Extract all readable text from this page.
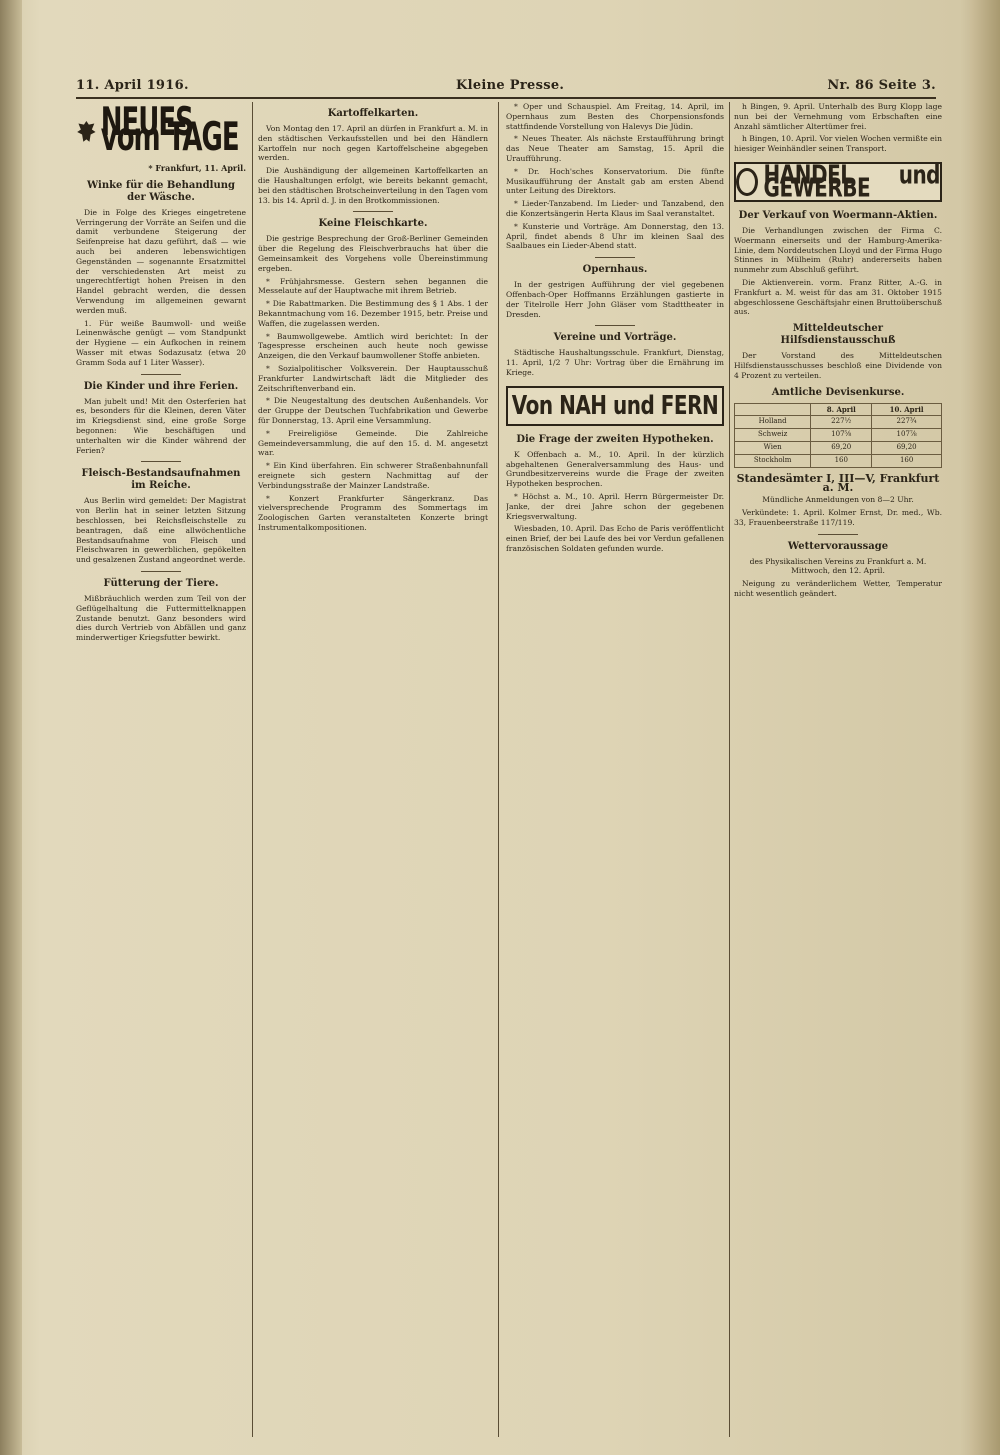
11. April 1916.	Kleine Presse.	Nr. 86 Seite 3.
NEUES vom TAGE
* Frankfurt, 11. April.
Winke für die Behandlung der Wäsche.

Die in Folge des Krieges eingetretene Verringerung der Vorräte an Seifen und die damit verbundene Steigerung der Seifenpreise hat dazu geführt, daß — wie auch bei anderen lebenswichtigen Gegenständen — sogenannte Ersatzmittel der verschiedensten Art meist zu ungerechtfertigt hohen Preisen in den Handel gebracht werden, die dessen Verwendung im allgemeinen gewarnt werden muß.

1. Für weiße Baumwoll- und weiße Leinenwäsche genügt — vom Standpunkt der Hygiene — ein Aufkochen in reinem Wasser mit etwas Sodazusatz (etwa 20 Gramm Soda auf 1 Liter Wasser).

Die Kinder und ihre Ferien.

Man jubelt und! Mit den Osterferien hat es, besonders für die Kleinen, deren Väter im Kriegsdienst sind, eine große Sorge begonnen: Wie beschäftigen und unterhalten wir die Kinder während der Ferien?

Fleisch-Bestandsaufnahmen im Reiche.

Aus Berlin wird gemeldet: Der Magistrat von Berlin hat in seiner letzten Sitzung beschlossen, bei Reichsfleischstelle zu beantragen, daß eine allwöchentliche Bestandsaufnahme von Fleisch und Fleischwaren in gewerblichen, gepökelten und gesalzenen Zustand angeordnet werde.

Fütterung der Tiere.

Mißbräuchlich werden zum Teil von der Geflügelhaltung die Futtermittelknappen Zustande benutzt. Ganz besonders wird dies durch Vertrieb von Abfällen und ganz minderwertiger Kriegsfutter bewirkt.

Kartoffelkarten.

Von Montag den 17. April an dürfen in Frankfurt a. M. in den städtischen Verkaufsstellen und bei den Händlern Kartoffeln nur noch gegen Kartoffelscheine abgegeben werden.

Die Aushändigung der allgemeinen Kartoffelkarten an die Haushaltungen erfolgt, wie bereits bekannt gemacht, bei den städtischen Brotscheinverteilung in den Tagen vom 13. bis 14. April d. J. in den Brotkommissionen.

Keine Fleischkarte.

Die gestrige Besprechung der Groß-Berliner Gemeinden über die Regelung des Fleischverbrauchs hat über die Gemeinsamkeit des Vorgehens volle Übereinstimmung ergeben.

* Frühjahrsmesse. Gestern sehen begannen die Messelaute auf der Hauptwache mit ihrem Betrieb.

* Die Rabattmarken. Die Bestimmung des § 1 Abs. 1 der Bekanntmachung vom 16. Dezember 1915, betr. Preise und Waffen, die zugelassen werden.

* Baumwollgewebe. Amtlich wird berichtet: In der Tagespresse erscheinen auch heute noch gewisse Anzeigen, die den Verkauf baumwollener Stoffe anbieten.

* Sozialpolitischer Volksverein. Der Hauptausschuß Frankfurter Landwirtschaft lädt die Mitglieder des Zeitschriftenverband ein.

* Die Neugestaltung des deutschen Außenhandels. Vor der Gruppe der Deutschen Tuchfabrikation und Gewerbe für Donnerstag, 13. April eine Versammlung.

* Freireligiöse Gemeinde. Die Zahlreiche Gemeindeversammlung, die auf den 15. d. M. angesetzt war.

* Ein Kind überfahren. Ein schwerer Straßenbahnunfall ereignete sich gestern Nachmittag auf der Verbindungsstraße der Mainzer Landstraße.

* Konzert Frankfurter Sängerkranz. Das vielversprechende Programm des Sommertags im Zoologischen Garten veranstalteten Konzerte bringt Instrumentalkompositionen.

* Oper und Schauspiel. Am Freitag, 14. April, im Opernhaus zum Besten des Chorpensionsfonds stattfindende Vorstellung von Halevys Die Jüdin.

* Neues Theater. Als nächste Erstaufführung bringt das Neue Theater am Samstag, 15. April die Uraufführung.

* Dr. Hoch'sches Konservatorium. Die fünfte Musikaufführung der Anstalt gab am ersten Abend unter Leitung des Direktors.

* Lieder-Tanzabend. Im Lieder- und Tanzabend, den die Konzertsängerin Herta Klaus im Saal veranstaltet.

* Kunsterie und Vorträge. Am Donnerstag, den 13. April, findet abends 8 Uhr im kleinen Saal des Saalbaues ein Lieder-Abend statt.

Opernhaus.

In der gestrigen Aufführung der viel gegebenen Offenbach-Oper Hoffmanns Erzählungen gastierte in der Titelrolle Herr John Gläser vom Stadttheater in Dresden.

Vereine und Vorträge.

Städtische Haushaltungsschule. Frankfurt, Dienstag, 11. April, 1/2 7 Uhr: Vortrag über die Ernährung im Kriege.

Von NAH und FERN
Die Frage der zweiten Hypotheken.

K Offenbach a. M., 10. April. In der kürzlich abgehaltenen Generalversammlung des Haus- und Grundbesitzervereins wurde die Frage der zweiten Hypotheken besprochen.

* Höchst a. M., 10. April. Herrn Bürgermeister Dr. Janke, der drei Jahre schon der gegebenen Kriegsverwaltung.

Wiesbaden, 10. April. Das Echo de Paris veröffentlicht einen Brief, der bei Laufe des bei vor Verdun gefallenen französischen Soldaten gefunden wurde.

h Bingen, 9. April. Unterhalb des Burg Klopp lage nun bei der Vernehmung vom Erbschaften eine Anzahl sämtlicher Altertümer frei.

h Bingen, 10. April. Vor vielen Wochen vermißte ein hiesiger Weinhändler seinen Transport.

HANDEL und GEWERBE
Der Verkauf von Woermann-Aktien.

Die Verhandlungen zwischen der Firma C. Woermann einerseits und der Hamburg-Amerika-Linie, dem Norddeutschen Lloyd und der Firma Hugo Stinnes in Mülheim (Ruhr) andererseits haben nunmehr zum Abschluß geführt.

Die Aktienverein. vorm. Franz Ritter, A.-G. in Frankfurt a. M. weist für das am 31. Oktober 1915 abgeschlossene Geschäftsjahr einen Bruttoüberschuß aus.

Mitteldeutscher Hilfsdienstausschuß

Der Vorstand des Mitteldeutschen Hilfsdienstausschusses beschloß eine Dividende von 4 Prozent zu verteilen.

Amtliche Devisenkurse.
	8. April	10. April
Holland	227½	227¾
Schweiz	107⅝	107⅞
Wien	69,20	69,20
Stockholm	160	160
Standesämter I, III—V, Frankfurt a. M.

Mündliche Anmeldungen von 8—2 Uhr.

Verkündete: 1. April. Kolmer Ernst, Dr. med., Wb. 33, Frauenbeerstraße 117/119.

Wettervoraussage

des Physikalischen Vereins zu Frankfurt a. M. Mittwoch, den 12. April.

Neigung zu veränderlichem Wetter, Temperatur nicht wesentlich geändert.
